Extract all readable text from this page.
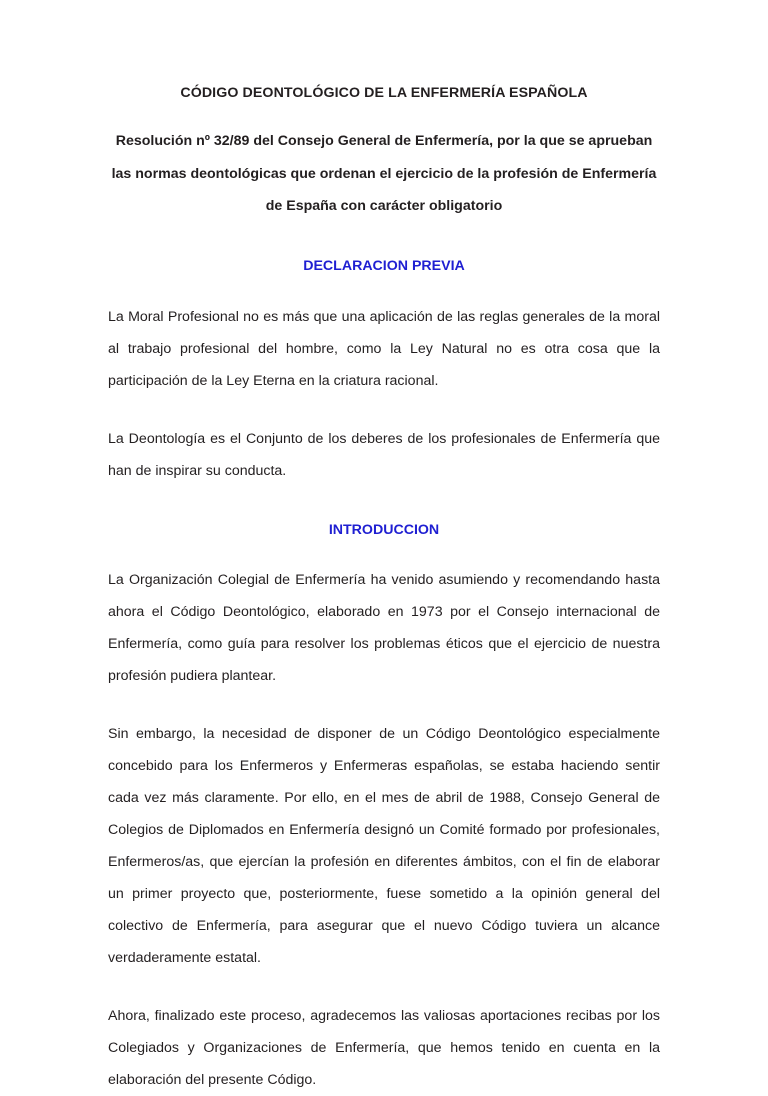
CÓDIGO DEONTOLÓGICO DE LA ENFERMERÍA ESPAÑOLA
Resolución nº 32/89 del Consejo General de Enfermería, por la que se aprueban las normas deontológicas que ordenan el ejercicio de la profesión de Enfermería de España con carácter obligatorio
DECLARACION PREVIA

La Moral Profesional no es más que una aplicación de las reglas generales de la moral al trabajo profesional del hombre, como la Ley Natural no es otra cosa que la participación de la Ley Eterna en la criatura racional.

La Deontología es el Conjunto de los deberes de los profesionales de Enfermería que han de inspirar su conducta.

INTRODUCCION

La Organización Colegial de Enfermería ha venido asumiendo y recomendando hasta ahora el Código Deontológico, elaborado en 1973 por el Consejo internacional de Enfermería, como guía para resolver los problemas éticos que el ejercicio de nuestra profesión pudiera plantear.

Sin embargo, la necesidad de disponer de un Código Deontológico especialmente concebido para los Enfermeros y Enfermeras españolas, se estaba haciendo sentir cada vez más claramente. Por ello, en el mes de abril de 1988, Consejo General de Colegios de Diplomados en Enfermería designó un Comité formado por profesionales, Enfermeros/as, que ejercían la profesión en diferentes ámbitos, con el fin de elaborar un primer proyecto que, posteriormente, fuese sometido a la opinión general del colectivo de Enfermería, para asegurar que el nuevo Código tuviera un alcance verdaderamente estatal.

Ahora, finalizado este proceso, agradecemos las valiosas aportaciones recibas por los Colegiados y Organizaciones de Enfermería, que hemos tenido en cuenta en la elaboración del presente Código.
